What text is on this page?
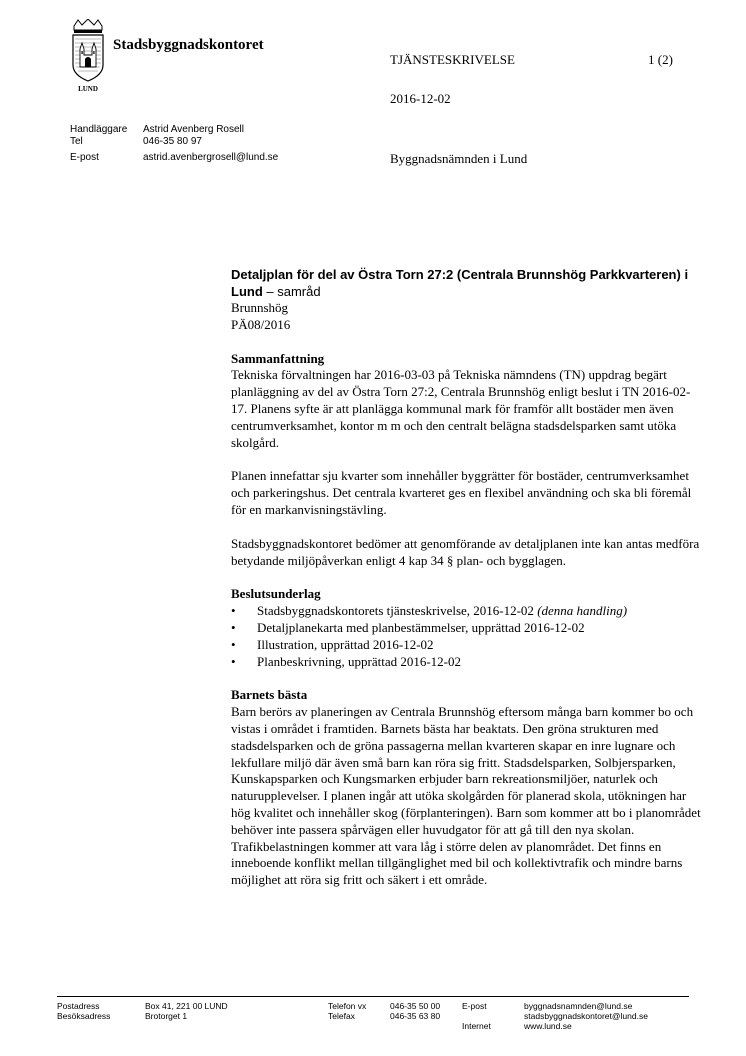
LUND
Stadsbyggnadskontoret
TJÄNSTESKRIVELSE	1 (2)
2016-12-02
Handläggare Astrid Avenberg Rosell
Tel	046-35 80 97
E-post	astrid.avenbergrosell@lund.se	Byggnadsnämnden i Lund
Detaljplan för del av Östra Torn 27:2 (Centrala Brunnshög Parkkvarteren) i Lund – samråd

Brunnshög

PÄ08/2016

Sammanfattning

Tekniska förvaltningen har 2016-03-03 på Tekniska nämndens (TN) uppdrag begärt planläggning av del av Östra Torn 27:2, Centrala Brunnshög enligt beslut i TN 2016-02-17. Planens syfte är att planlägga kommunal mark för framför allt bostäder men även centrumverksamhet, kontor m m och den centralt belägna stadsdelsparken samt utöka skolgård.

Planen innefattar sju kvarter som innehåller byggrätter för bostäder, centrumverksamhet och parkeringshus. Det centrala kvarteret ges en flexibel användning och ska bli föremål för en markanvisningstävling.

Stadsbyggnadskontoret bedömer att genomförande av detaljplanen inte kan antas medföra betydande miljöpåverkan enligt 4 kap 34 § plan- och bygglagen.

Beslutsunderlag

• Stadsbyggnadskontorets tjänsteskrivelse, 2016-12-02 (denna handling)
• Detaljplanekarta med planbestämmelser, upprättad 2016-12-02
• Illustration, upprättad 2016-12-02
• Planbeskrivning, upprättad 2016-12-02

Barnets bästa

Barn berörs av planeringen av Centrala Brunnshög eftersom många barn kommer bo och vistas i området i framtiden. Barnets bästa har beaktats. Den gröna strukturen med stadsdelsparken och de gröna passagerna mellan kvarteren skapar en inre lugnare och lekfullare miljö där även små barn kan röra sig fritt. Stadsdelsparken, Solbjersparken, Kunskapsparken och Kungsmarken erbjuder barn rekreationsmiljöer, naturlek och naturupplevelser. I planen ingår att utöka skolgården för planerad skola, utökningen har hög kvalitet och innehåller skog (förplanteringen). Barn som kommer att bo i planområdet behöver inte passera spårvägen eller huvudgator för att gå till den nya skolan. Trafikbelastningen kommer att vara låg i större delen av planområdet. Det finns en inneboende konflikt mellan tillgänglighet med bil och kollektivtrafik och mindre barns möjlighet att röra sig fritt och säkert i ett område.

Postadress	Box 41, 221 00 LUND
Besöksadress	Brotorget 1
Telefon vx	046-35 50 00
Telefax	046-35 63 80
E-post	byggnadsnamnden@lund.se
stadsbyggnadskontoret@lund.se
Internet	www.lund.se
